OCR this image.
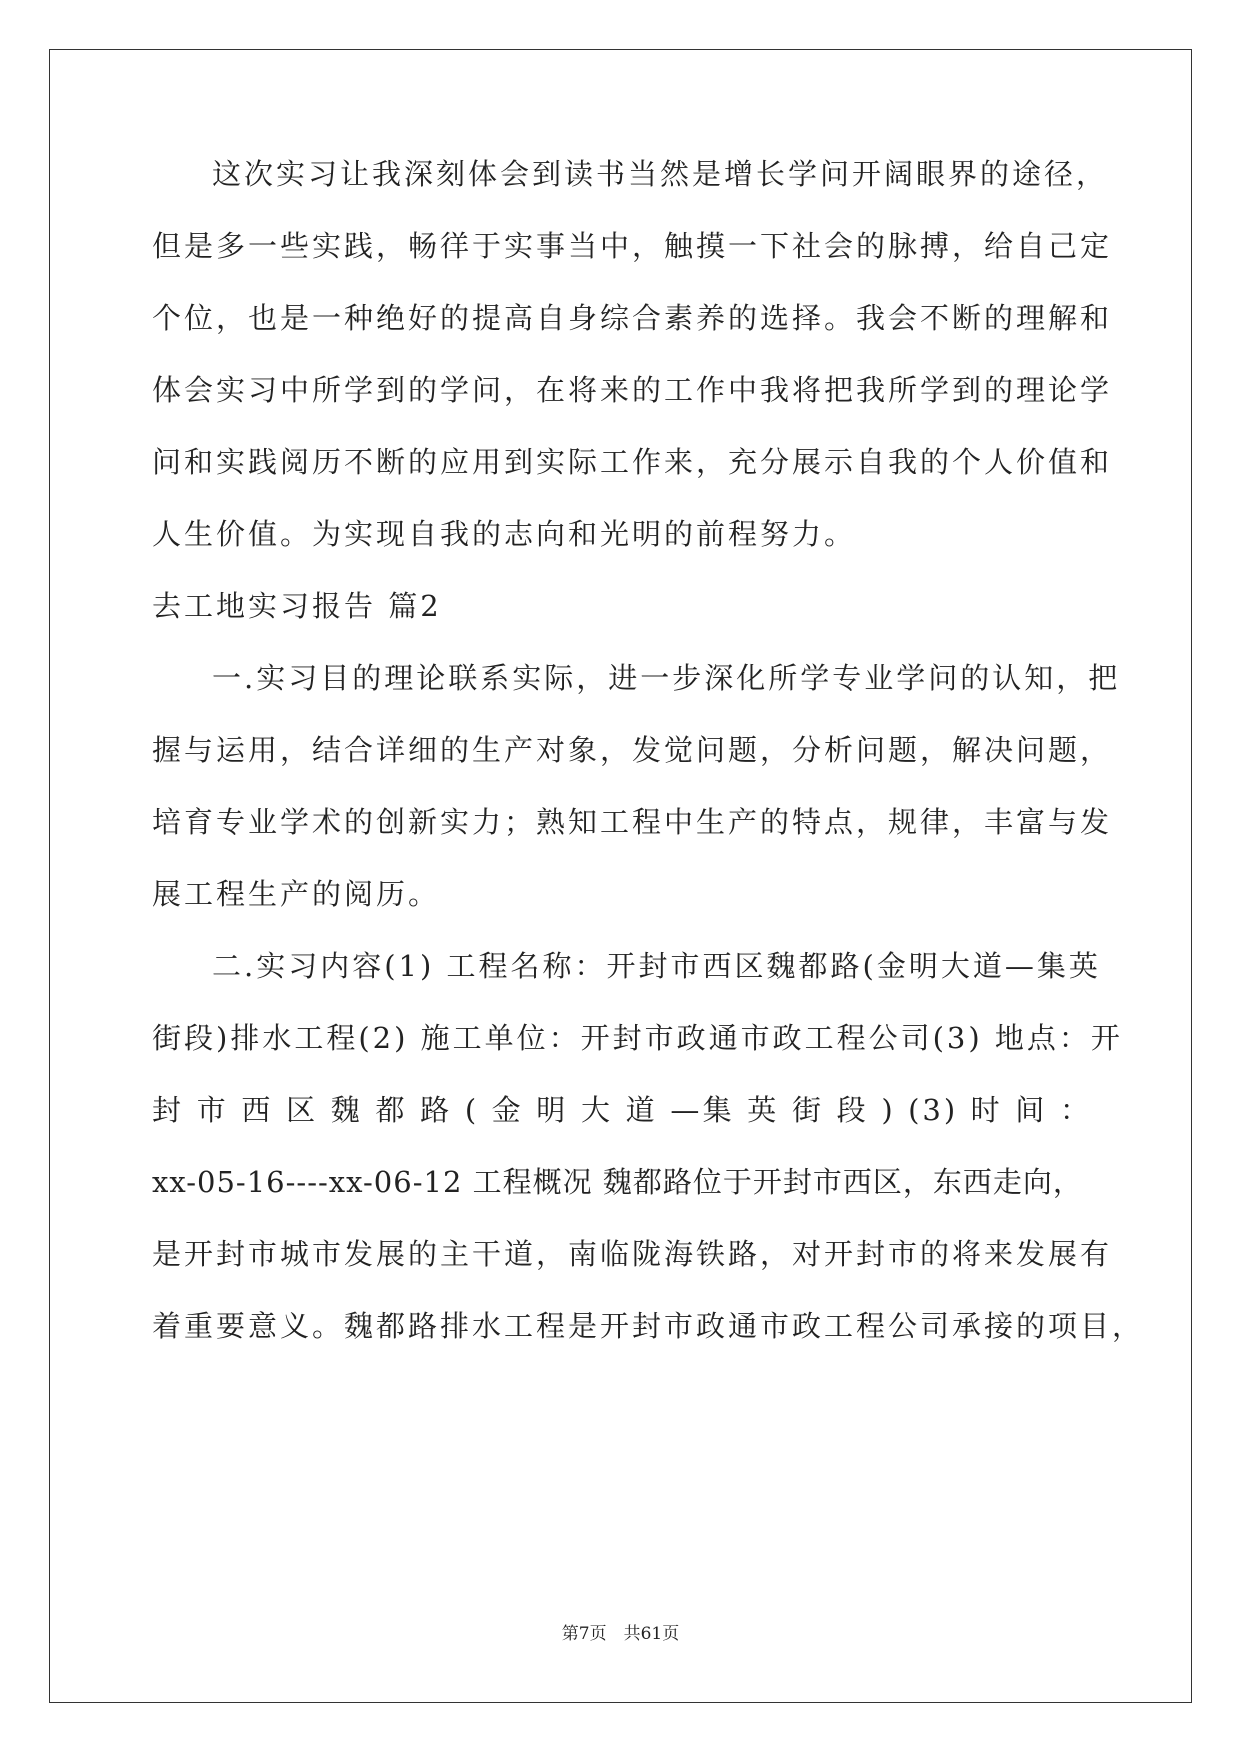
这次实习让我深刻体会到读书当然是增长学问开阔眼界的途径，
但是多一些实践，畅徉于实事当中，触摸一下社会的脉搏，给自己定
个位，也是一种绝好的提高自身综合素养的选择。我会不断的理解和
体会实习中所学到的学问，在将来的工作中我将把我所学到的理论学
问和实践阅历不断的应用到实际工作来，充分展示自我的个人价值和
人生价值。为实现自我的志向和光明的前程努力。
去工地实习报告 篇2
一.实习目的理论联系实际，进一步深化所学专业学问的认知，把
握与运用，结合详细的生产对象，发觉问题，分析问题，解决问题，
培育专业学术的创新实力；熟知工程中生产的特点，规律，丰富与发
展工程生产的阅历。
二.实习内容(1) 工程名称：开封市西区魏都路(金明大道—集英
街段)排水工程(2) 施工单位：开封市政通市政工程公司(3) 地点：开
封 市 西 区 魏 都 路 ( 金 明 大 道 —集 英 街 段 ) (3) 时 间 ：
xx-05-16----xx-06-12 工程概况 魏都路位于开封市西区，东西走向，
是开封市城市发展的主干道，南临陇海铁路，对开封市的将来发展有
着重要意义。魏都路排水工程是开封市政通市政工程公司承接的项目，
第7页　共61页
